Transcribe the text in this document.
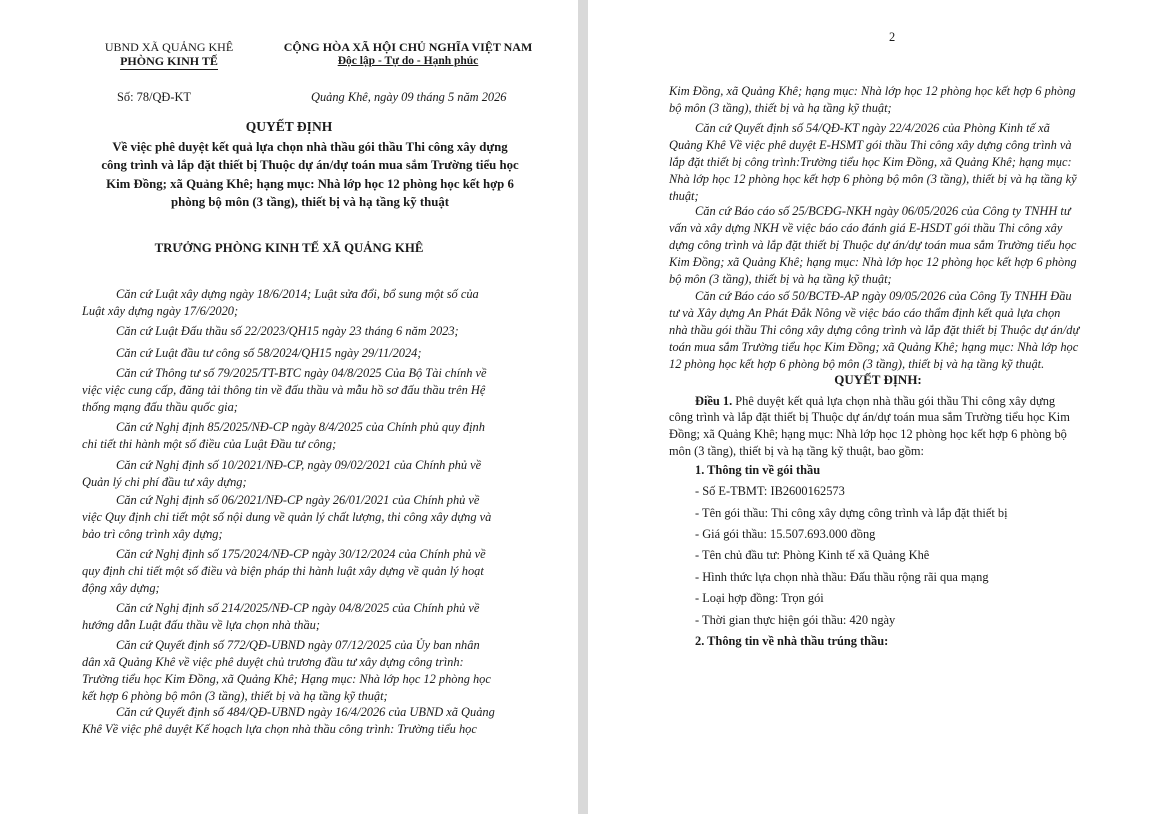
UBND XÃ QUẢNG KHÊ
PHÒNG KINH TẾ
CỘNG HÒA XÃ HỘI CHỦ NGHĨA VIỆT NAM
Độc lập - Tự do - Hạnh phúc
Số: 78/QĐ-KT	Quảng Khê, ngày 09 tháng 5 năm 2026
QUYẾT ĐỊNH
Về việc phê duyệt kết quả lựa chọn nhà thầu gói thầu Thi công xây dựng
công trình và lắp đặt thiết bị Thuộc dự án/dự toán mua sắm Trường tiểu học
Kim Đồng; xã Quảng Khê; hạng mục: Nhà lớp học 12 phòng học kết hợp 6
phòng bộ môn (3 tầng), thiết bị và hạ tầng kỹ thuật
TRƯỞNG PHÒNG KINH TẾ XÃ QUẢNG KHÊ
Căn cứ Luật xây dựng ngày 18/6/2014; Luật sửa đổi, bổ sung một số của
Luật xây dựng ngày 17/6/2020;
Căn cứ Luật Đấu thầu số 22/2023/QH15 ngày 23 tháng 6 năm 2023;
Căn cứ Luật đầu tư công số 58/2024/QH15 ngày 29/11/2024;
Căn cứ Thông tư số 79/2025/TT-BTC ngày 04/8/2025 Của Bộ Tài chính về
việc việc cung cấp, đăng tải thông tin về đấu thầu và mẫu hồ sơ đấu thầu trên Hệ
thống mạng đấu thầu quốc gia;
Căn cứ Nghị định 85/2025/NĐ-CP ngày 8/4/2025 của Chính phủ quy định
chi tiết thi hành một số điều của Luật Đầu tư công;
Căn cứ Nghị định số 10/2021/NĐ-CP, ngày 09/02/2021 của Chính phủ về
Quản lý chi phí đầu tư xây dựng;
Căn cứ Nghị định số 06/2021/NĐ-CP ngày 26/01/2021 của Chính phủ về
việc Quy định chi tiết một số nội dung về quản lý chất lượng, thi công xây dựng và
bảo trì công trình xây dựng;
Căn cứ Nghị định số 175/2024/NĐ-CP ngày 30/12/2024 của Chính phủ về
quy định chi tiết một số điều và biện pháp thi hành luật xây dựng về quản lý hoạt
động xây dựng;
Căn cứ Nghị định số 214/2025/NĐ-CP ngày 04/8/2025 của Chính phủ về
hướng dẫn Luật đấu thầu về lựa chọn nhà thầu;
Căn cứ Quyết định số 772/QĐ-UBND ngày 07/12/2025 của Ủy ban nhân
dân xã Quảng Khê về việc phê duyệt chủ trương đầu tư xây dựng công trình:
Trường tiểu học Kim Đồng, xã Quảng Khê; Hạng mục: Nhà lớp học 12 phòng học
kết hợp 6 phòng bộ môn (3 tầng), thiết bị và hạ tầng kỹ thuật;
Căn cứ Quyết định số 484/QĐ-UBND ngày 16/4/2026 của UBND xã Quảng
Khê Về việc phê duyệt Kế hoạch lựa chọn nhà thầu công trình: Trường tiểu học
2
Kim Đồng, xã Quảng Khê; hạng mục: Nhà lớp học 12 phòng học kết hợp 6 phòng
bộ môn (3 tầng), thiết bị và hạ tầng kỹ thuật;
Căn cứ Quyết định số 54/QĐ-KT ngày 22/4/2026 của Phòng Kinh tế xã
Quảng Khê Về việc phê duyệt E-HSMT gói thầu Thi công xây dựng công trình và
lắp đặt thiết bị công trình:Trường tiểu học Kim Đồng, xã Quảng Khê; hạng mục:
Nhà lớp học 12 phòng học kết hợp 6 phòng bộ môn (3 tầng), thiết bị và hạ tầng kỹ
thuật;
Căn cứ Báo cáo số 25/BCĐG-NKH ngày 06/05/2026 của Công ty TNHH tư
vấn và xây dựng NKH về việc báo cáo đánh giá E-HSDT gói thầu Thi công xây
dựng công trình và lắp đặt thiết bị Thuộc dự án/dự toán mua sắm Trường tiểu học
Kim Đồng; xã Quảng Khê; hạng mục: Nhà lớp học 12 phòng học kết hợp 6 phòng
bộ môn (3 tầng), thiết bị và hạ tầng kỹ thuật;
Căn cứ Báo cáo số 50/BCTĐ-AP ngày 09/05/2026 của Công Ty TNHH Đầu
tư và Xây dựng An Phát Đắk Nông về việc báo cáo thẩm định kết quả lựa chọn
nhà thầu gói thầu Thi công xây dựng công trình và lắp đặt thiết bị Thuộc dự án/dự
toán mua sắm Trường tiểu học Kim Đồng; xã Quảng Khê; hạng mục: Nhà lớp học
12 phòng học kết hợp 6 phòng bộ môn (3 tầng), thiết bị và hạ tầng kỹ thuật.
QUYẾT ĐỊNH:
Điều 1. Phê duyệt kết quả lựa chọn nhà thầu gói thầu Thi công xây dựng
công trình và lắp đặt thiết bị Thuộc dự án/dự toán mua sắm Trường tiểu học Kim
Đồng; xã Quảng Khê; hạng mục: Nhà lớp học 12 phòng học kết hợp 6 phòng bộ
môn (3 tầng), thiết bị và hạ tầng kỹ thuật, bao gồm:
1. Thông tin về gói thầu
- Số E-TBMT: IB2600162573
- Tên gói thầu: Thi công xây dựng công trình và lắp đặt thiết bị
- Giá gói thầu: 15.507.693.000 đồng
- Tên chủ đầu tư: Phòng Kinh tế xã Quảng Khê
- Hình thức lựa chọn nhà thầu: Đấu thầu rộng rãi qua mạng
- Loại hợp đồng: Trọn gói
- Thời gian thực hiện gói thầu: 420 ngày
2. Thông tin về nhà thầu trúng thầu:
